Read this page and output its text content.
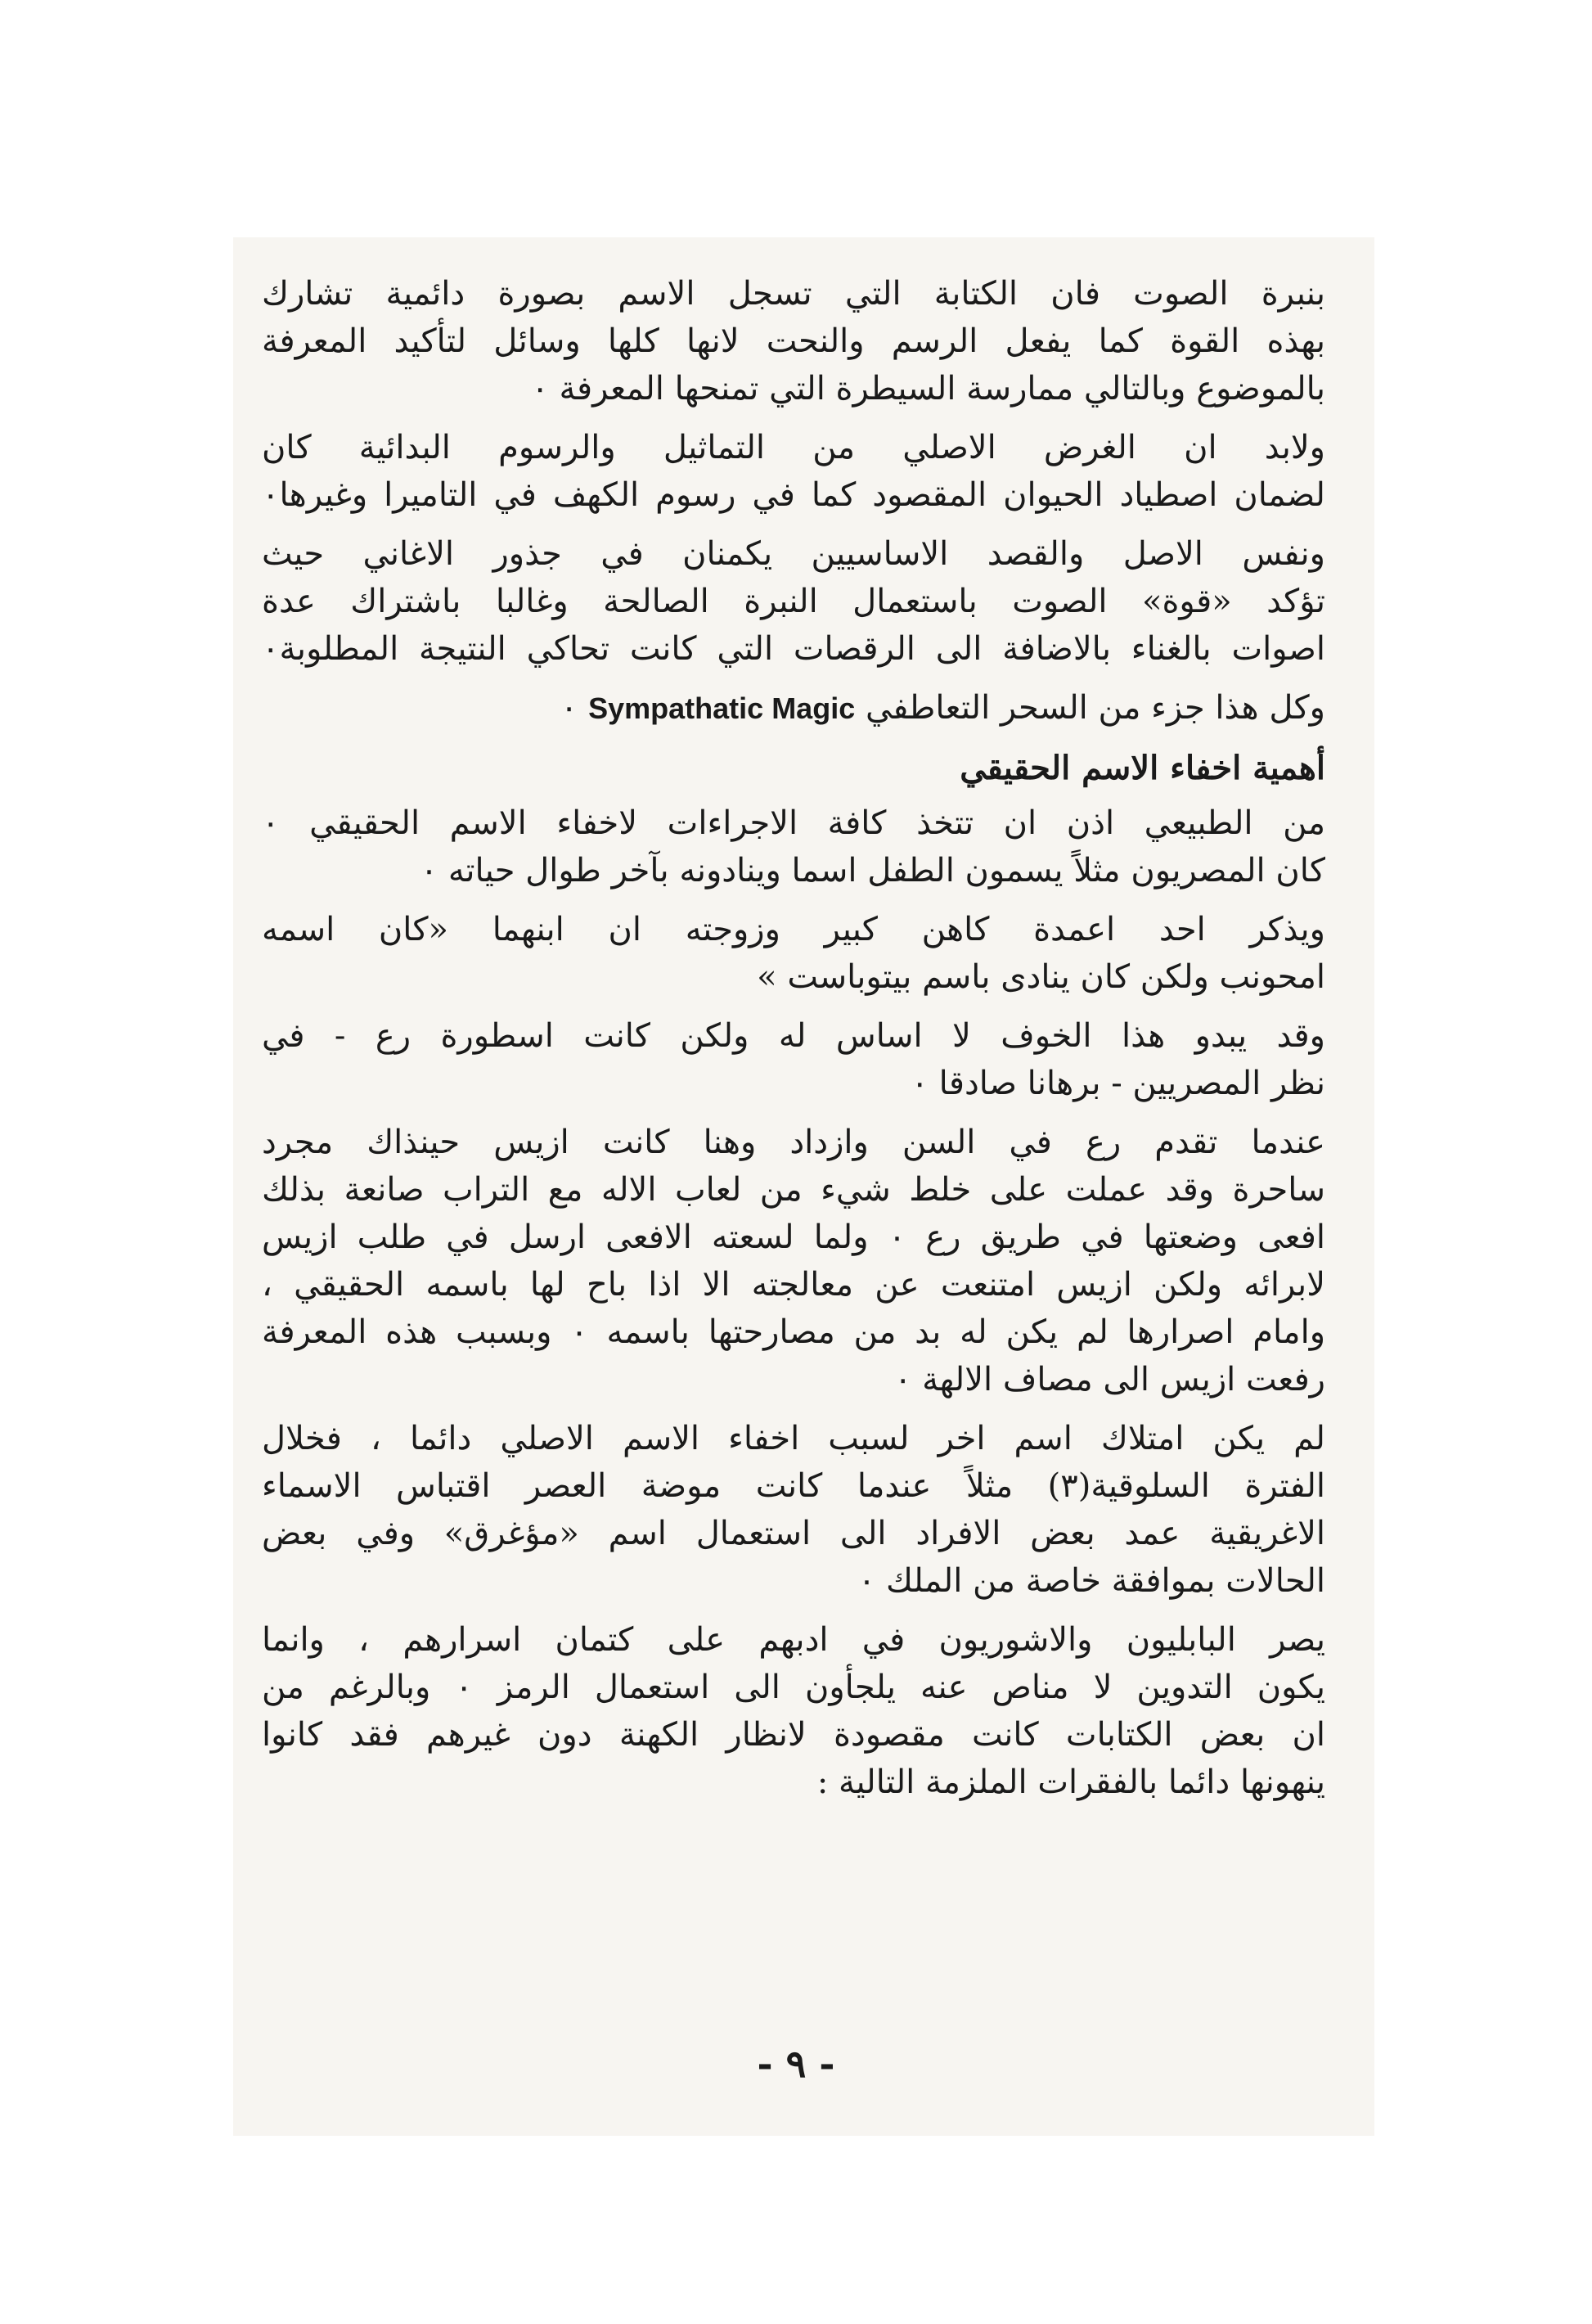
بنبرة الصوت فان الكتابة التي تسجل الاسم بصورة دائمية تشارك
بهذه القوة كما يفعل الرسم والنحت لانها كلها وسائل لتأكيد المعرفة
بالموضوع وبالتالي ممارسة السيطرة التي تمنحها المعرفة ٠

ولابد ان الغرض الاصلي من التماثيل والرسوم البدائية كان
لضمان اصطياد الحيوان المقصود كما في رسوم الكهف في التاميرا وغيرها٠

ونفس الاصل والقصد الاساسيين يكمنان في جذور الاغاني حيث
تؤكد «قوة» الصوت باستعمال النبرة الصالحة وغالبا باشتراك عدة
اصوات بالغناء بالاضافة الى الرقصات التي كانت تحاكي النتيجة المطلوبة٠

وكل هذا جزء من السحر التعاطفي Sympathatic Magic ٠

أهمية اخفاء الاسم الحقيقي

من الطبيعي اذن ان تتخذ كافة الاجراءات لاخفاء الاسم الحقيقي ٠
كان المصريون مثلاً يسمون الطفل اسما وينادونه بآخر طوال حياته ٠

ويذكر احد اعمدة كاهن كبير وزوجته ان ابنهما «كان اسمه
امحونب ولكن كان ينادى باسم بيتوباست »

وقد يبدو هذا الخوف لا اساس له ولكن كانت اسطورة رع - في
نظر المصريين - برهانا صادقا ٠

عندما تقدم رع في السن وازداد وهنا كانت ازيس حينذاك مجرد
ساحرة وقد عملت على خلط شيء من لعاب الاله مع التراب صانعة بذلك
افعى وضعتها في طريق رع ٠ ولما لسعته الافعى ارسل في طلب ازيس
لابرائه ولكن ازيس امتنعت عن معالجته الا اذا باح لها باسمه الحقيقي ،
وامام اصرارها لم يكن له بد من مصارحتها باسمه ٠ وبسبب هذه المعرفة
رفعت ازيس الى مصاف الالهة ٠

لم يكن امتلاك اسم اخر لسبب اخفاء الاسم الاصلي دائما ، فخلال
الفترة السلوقية(٣) مثلاً عندما كانت موضة العصر اقتباس الاسماء
الاغريقية عمد بعض الافراد الى استعمال اسم «مؤغرق» وفي بعض
الحالات بموافقة خاصة من الملك ٠

يصر البابليون والاشوريون في ادبهم على كتمان اسرارهم ، وانما
يكون التدوين لا مناص عنه يلجأون الى استعمال الرمز ٠ وبالرغم من
ان بعض الكتابات كانت مقصودة لانظار الكهنة دون غيرهم فقد كانوا
ينهونها دائما بالفقرات الملزمة التالية :

- ٩ -
